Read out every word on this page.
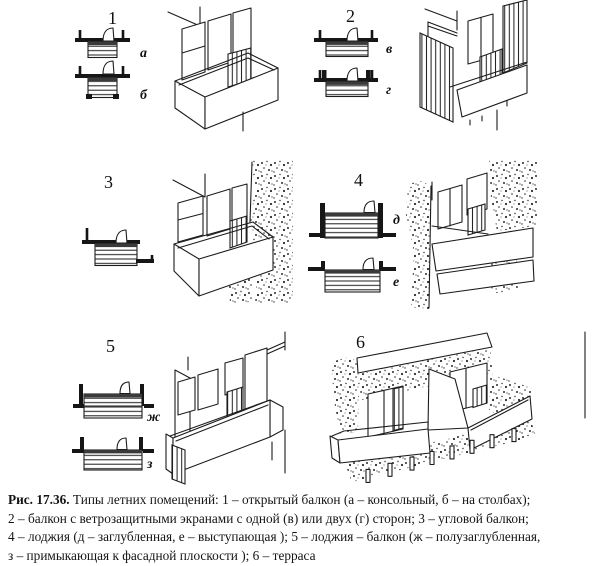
1
а
б
2
в
г
3	4
д
е
5
ж
з
6
Рис. 17.36. Типы летних помещений: 1 – открытый балкон (а – консольный, б – на столбах);
2 – балкон с ветрозащитными экранами с одной (в) или двух (г) сторон; 3 – угловой балкон;
4 – лоджия (д – заглубленная, е – выступающая ); 5 – лоджия – балкон (ж – полузаглубленная,
з – примыкающая к фасадной плоскости ); 6 – терраса
